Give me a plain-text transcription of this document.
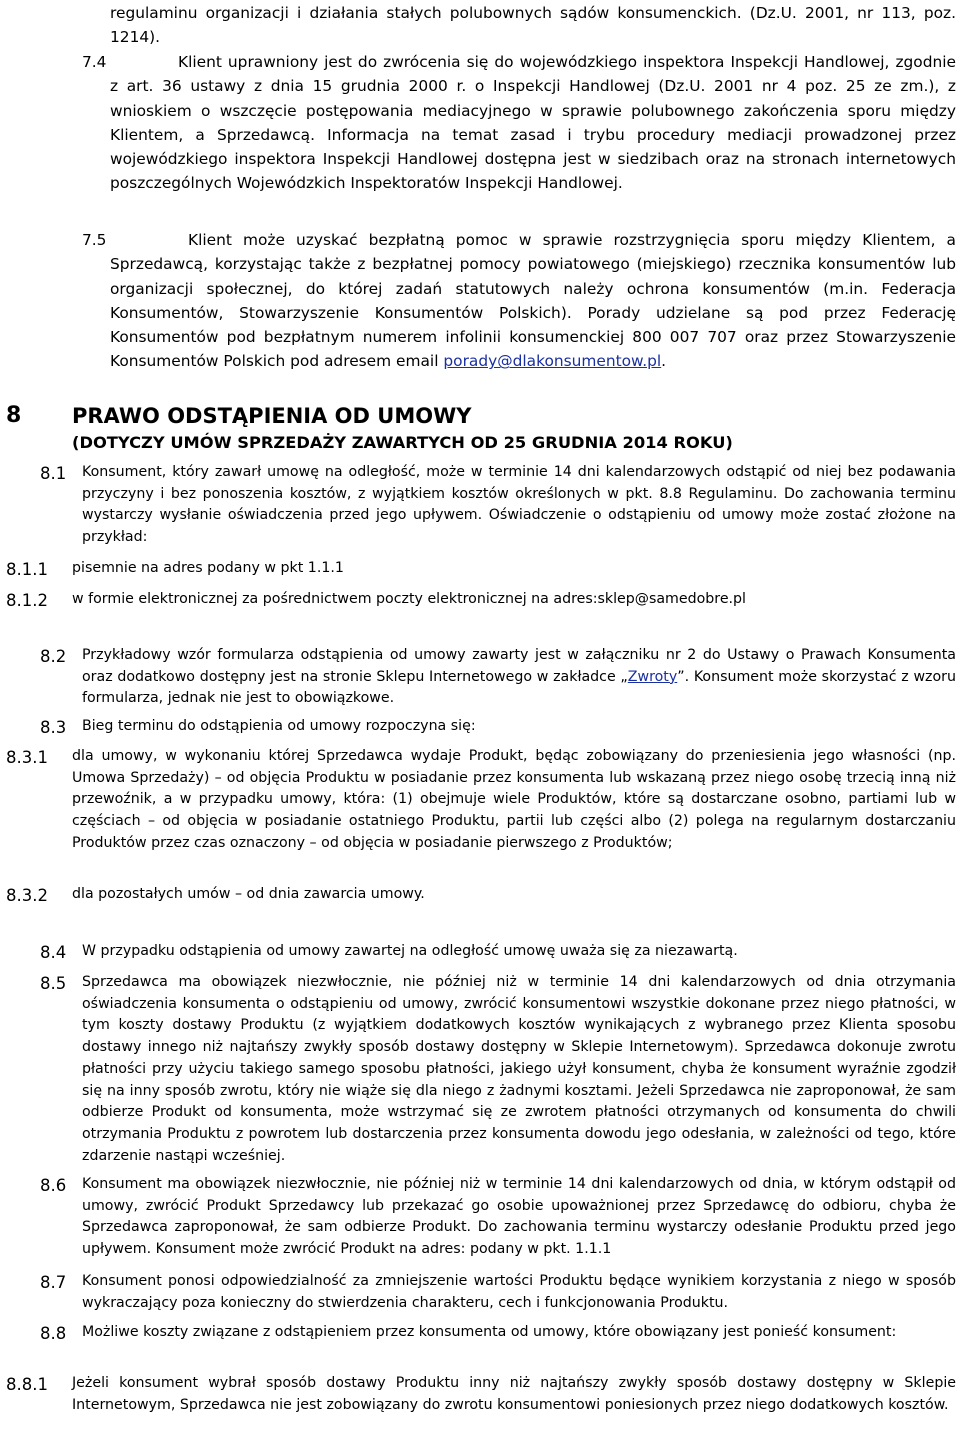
regulaminu organizacji i działania stałych polubownych sądów konsumenckich. (Dz.U. 2001, nr 113, poz. 1214).
7.4	Klient uprawniony jest do zwrócenia się do wojewódzkiego inspektora Inspekcji Handlowej, zgodnie z art. 36 ustawy z dnia 15 grudnia 2000 r. o Inspekcji Handlowej (Dz.U. 2001 nr 4 poz. 25 ze zm.), z wnioskiem o wszczęcie postępowania mediacyjnego w sprawie polubownego zakończenia sporu między Klientem, a Sprzedawcą. Informacja na temat zasad i trybu procedury mediacji prowadzonej przez wojewódzkiego inspektora Inspekcji Handlowej dostępna jest w siedzibach oraz na stronach internetowych poszczególnych Wojewódzkich Inspektoratów Inspekcji Handlowej.
7.5	Klient może uzyskać bezpłatną pomoc w sprawie rozstrzygnięcia sporu między Klientem, a Sprzedawcą, korzystając także z bezpłatnej pomocy powiatowego (miejskiego) rzecznika konsumentów lub organizacji społecznej, do której zadań statutowych należy ochrona konsumentów (m.in. Federacja Konsumentów, Stowarzyszenie Konsumentów Polskich). Porady udzielane są pod przez Federację Konsumentów pod bezpłatnym numerem infolinii konsumenckiej 800 007 707 oraz przez Stowarzyszenie Konsumentów Polskich pod adresem email porady@dlakonsumentow.pl.
8 PRAWO ODSTĄPIENIA OD UMOWY
(DOTYCZY UMÓW SPRZEDAŻY ZAWARTYCH OD 25 GRUDNIA 2014 ROKU)
8.1 Konsument, który zawarł umowę na odległość, może w terminie 14 dni kalendarzowych odstąpić od niej bez podawania przyczyny i bez ponoszenia kosztów, z wyjątkiem kosztów określonych w pkt. 8.8 Regulaminu. Do zachowania terminu wystarczy wysłanie oświadczenia przed jego upływem. Oświadczenie o odstąpieniu od umowy może zostać złożone na przykład:
8.1.1 pisemnie na adres podany w pkt 1.1.1
8.1.2 w formie elektronicznej za pośrednictwem poczty elektronicznej na adres:sklep@samedobre.pl
8.2 Przykładowy wzór formularza odstąpienia od umowy zawarty jest w załączniku nr 2 do Ustawy o Prawach Konsumenta oraz dodatkowo dostępny jest na stronie Sklepu Internetowego w zakładce „Zwroty”. Konsument może skorzystać z wzoru formularza, jednak nie jest to obowiązkowe.
8.3 Bieg terminu do odstąpienia od umowy rozpoczyna się:
8.3.1 dla umowy, w wykonaniu której Sprzedawca wydaje Produkt, będąc zobowiązany do przeniesienia jego własności (np. Umowa Sprzedaży) – od objęcia Produktu w posiadanie przez konsumenta lub wskazaną przez niego osobę trzecią inną niż przewoźnik, a w przypadku umowy, która: (1) obejmuje wiele Produktów, które są dostarczane osobno, partiami lub w częściach – od objęcia w posiadanie ostatniego Produktu, partii lub części albo (2) polega na regularnym dostarczaniu Produktów przez czas oznaczony – od objęcia w posiadanie pierwszego z Produktów;
8.3.2 dla pozostałych umów – od dnia zawarcia umowy.
8.4 W przypadku odstąpienia od umowy zawartej na odległość umowę uważa się za niezawartą.
8.5 Sprzedawca ma obowiązek niezwłocznie, nie później niż w terminie 14 dni kalendarzowych od dnia otrzymania oświadczenia konsumenta o odstąpieniu od umowy, zwrócić konsumentowi wszystkie dokonane przez niego płatności, w tym koszty dostawy Produktu (z wyjątkiem dodatkowych kosztów wynikających z wybranego przez Klienta sposobu dostawy innego niż najtańszy zwykły sposób dostawy dostępny w Sklepie Internetowym). Sprzedawca dokonuje zwrotu płatności przy użyciu takiego samego sposobu płatności, jakiego użył konsument, chyba że konsument wyraźnie zgodził się na inny sposób zwrotu, który nie wiąże się dla niego z żadnymi kosztami. Jeżeli Sprzedawca nie zaproponował, że sam odbierze Produkt od konsumenta, może wstrzymać się ze zwrotem płatności otrzymanych od konsumenta do chwili otrzymania Produktu z powrotem lub dostarczenia przez konsumenta dowodu jego odesłania, w zależności od tego, które zdarzenie nastąpi wcześniej.
8.6 Konsument ma obowiązek niezwłocznie, nie później niż w terminie 14 dni kalendarzowych od dnia, w którym odstąpił od umowy, zwrócić Produkt Sprzedawcy lub przekazać go osobie upoważnionej przez Sprzedawcę do odbioru, chyba że Sprzedawca zaproponował, że sam odbierze Produkt. Do zachowania terminu wystarczy odesłanie Produktu przed jego upływem. Konsument może zwrócić Produkt na adres: podany w pkt. 1.1.1
8.7 Konsument ponosi odpowiedzialność za zmniejszenie wartości Produktu będące wynikiem korzystania z niego w sposób wykraczający poza konieczny do stwierdzenia charakteru, cech i funkcjonowania Produktu.
8.8 Możliwe koszty związane z odstąpieniem przez konsumenta od umowy, które obowiązany jest ponieść konsument:
8.8.1 Jeżeli konsument wybrał sposób dostawy Produktu inny niż najtańszy zwykły sposób dostawy dostępny w Sklepie Internetowym, Sprzedawca nie jest zobowiązany do zwrotu konsumentowi poniesionych przez niego dodatkowych kosztów.
